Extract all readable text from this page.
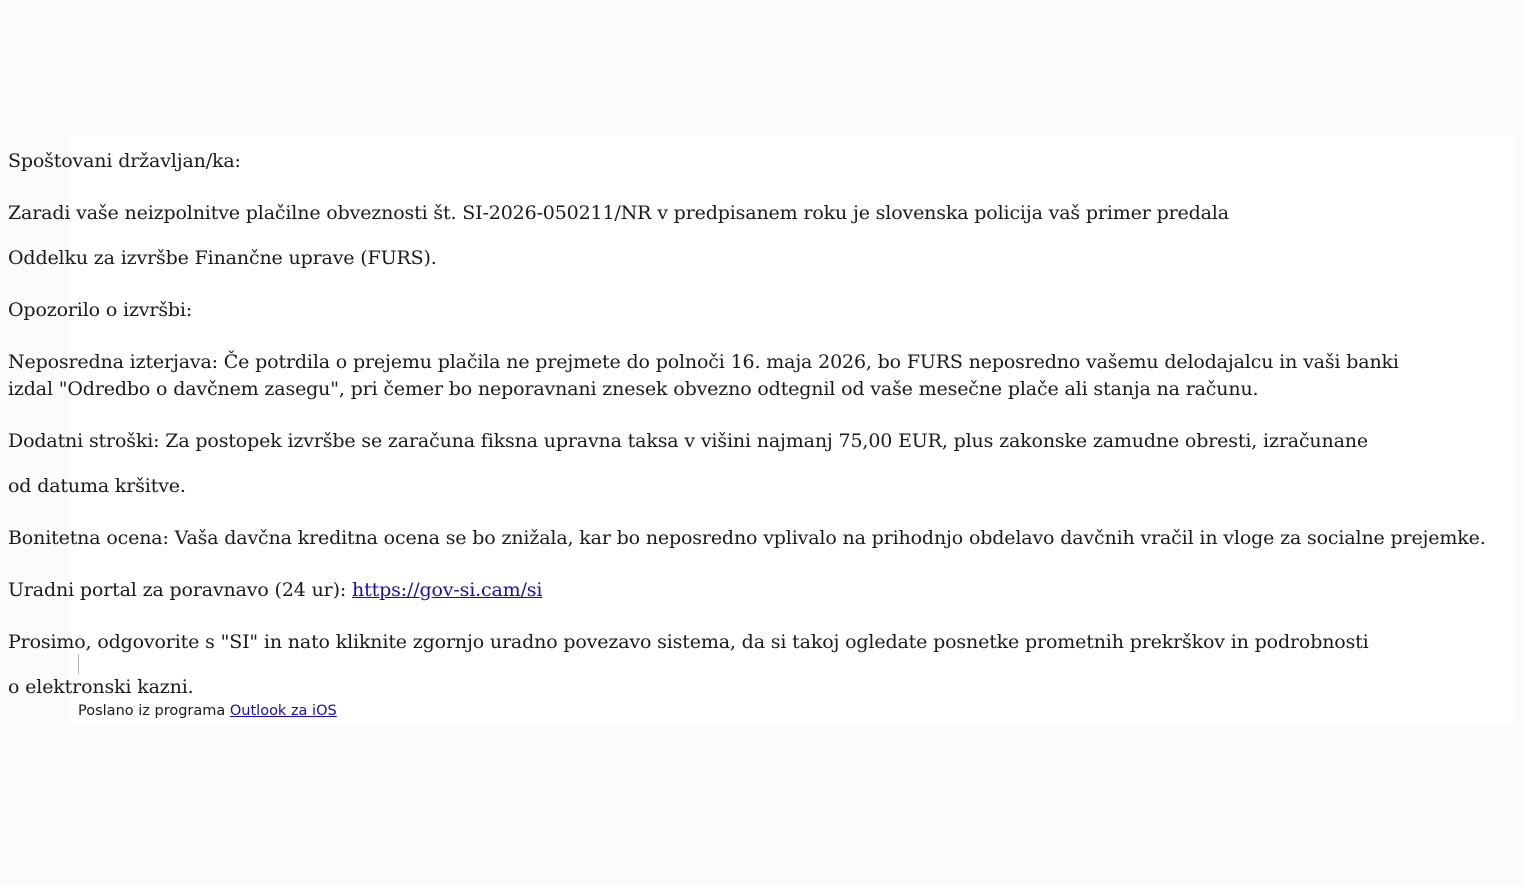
Spoštovani državljan/ka:

Zaradi vaše neizpolnitve plačilne obveznosti št. SI-2026-050211/NR v predpisanem roku je slovenska policija vaš primer predala

Oddelku za izvršbe Finančne uprave (FURS).

Opozorilo o izvršbi:

Neposredna izterjava: Če potrdila o prejemu plačila ne prejmete do polnoči 16. maja 2026, bo FURS neposredno vašemu delodajalcu in vaši banki

izdal "Odredbo o davčnem zasegu", pri čemer bo neporavnani znesek obvezno odtegnil od vaše mesečne plače ali stanja na računu.

Dodatni stroški: Za postopek izvršbe se zaračuna fiksna upravna taksa v višini najmanj 75,00 EUR, plus zakonske zamudne obresti, izračunane

od datuma kršitve.

Bonitetna ocena: Vaša davčna kreditna ocena se bo znižala, kar bo neposredno vplivalo na prihodnjo obdelavo davčnih vračil in vloge za socialne prejemke.

Uradni portal za poravnavo (24 ur): https://gov-si.cam/si

Prosimo, odgovorite s "SI" in nato kliknite zgornjo uradno povezavo sistema, da si takoj ogledate posnetke prometnih prekrškov in podrobnosti

o elektronski kazni.

Poslano iz programa Outlook za iOS
